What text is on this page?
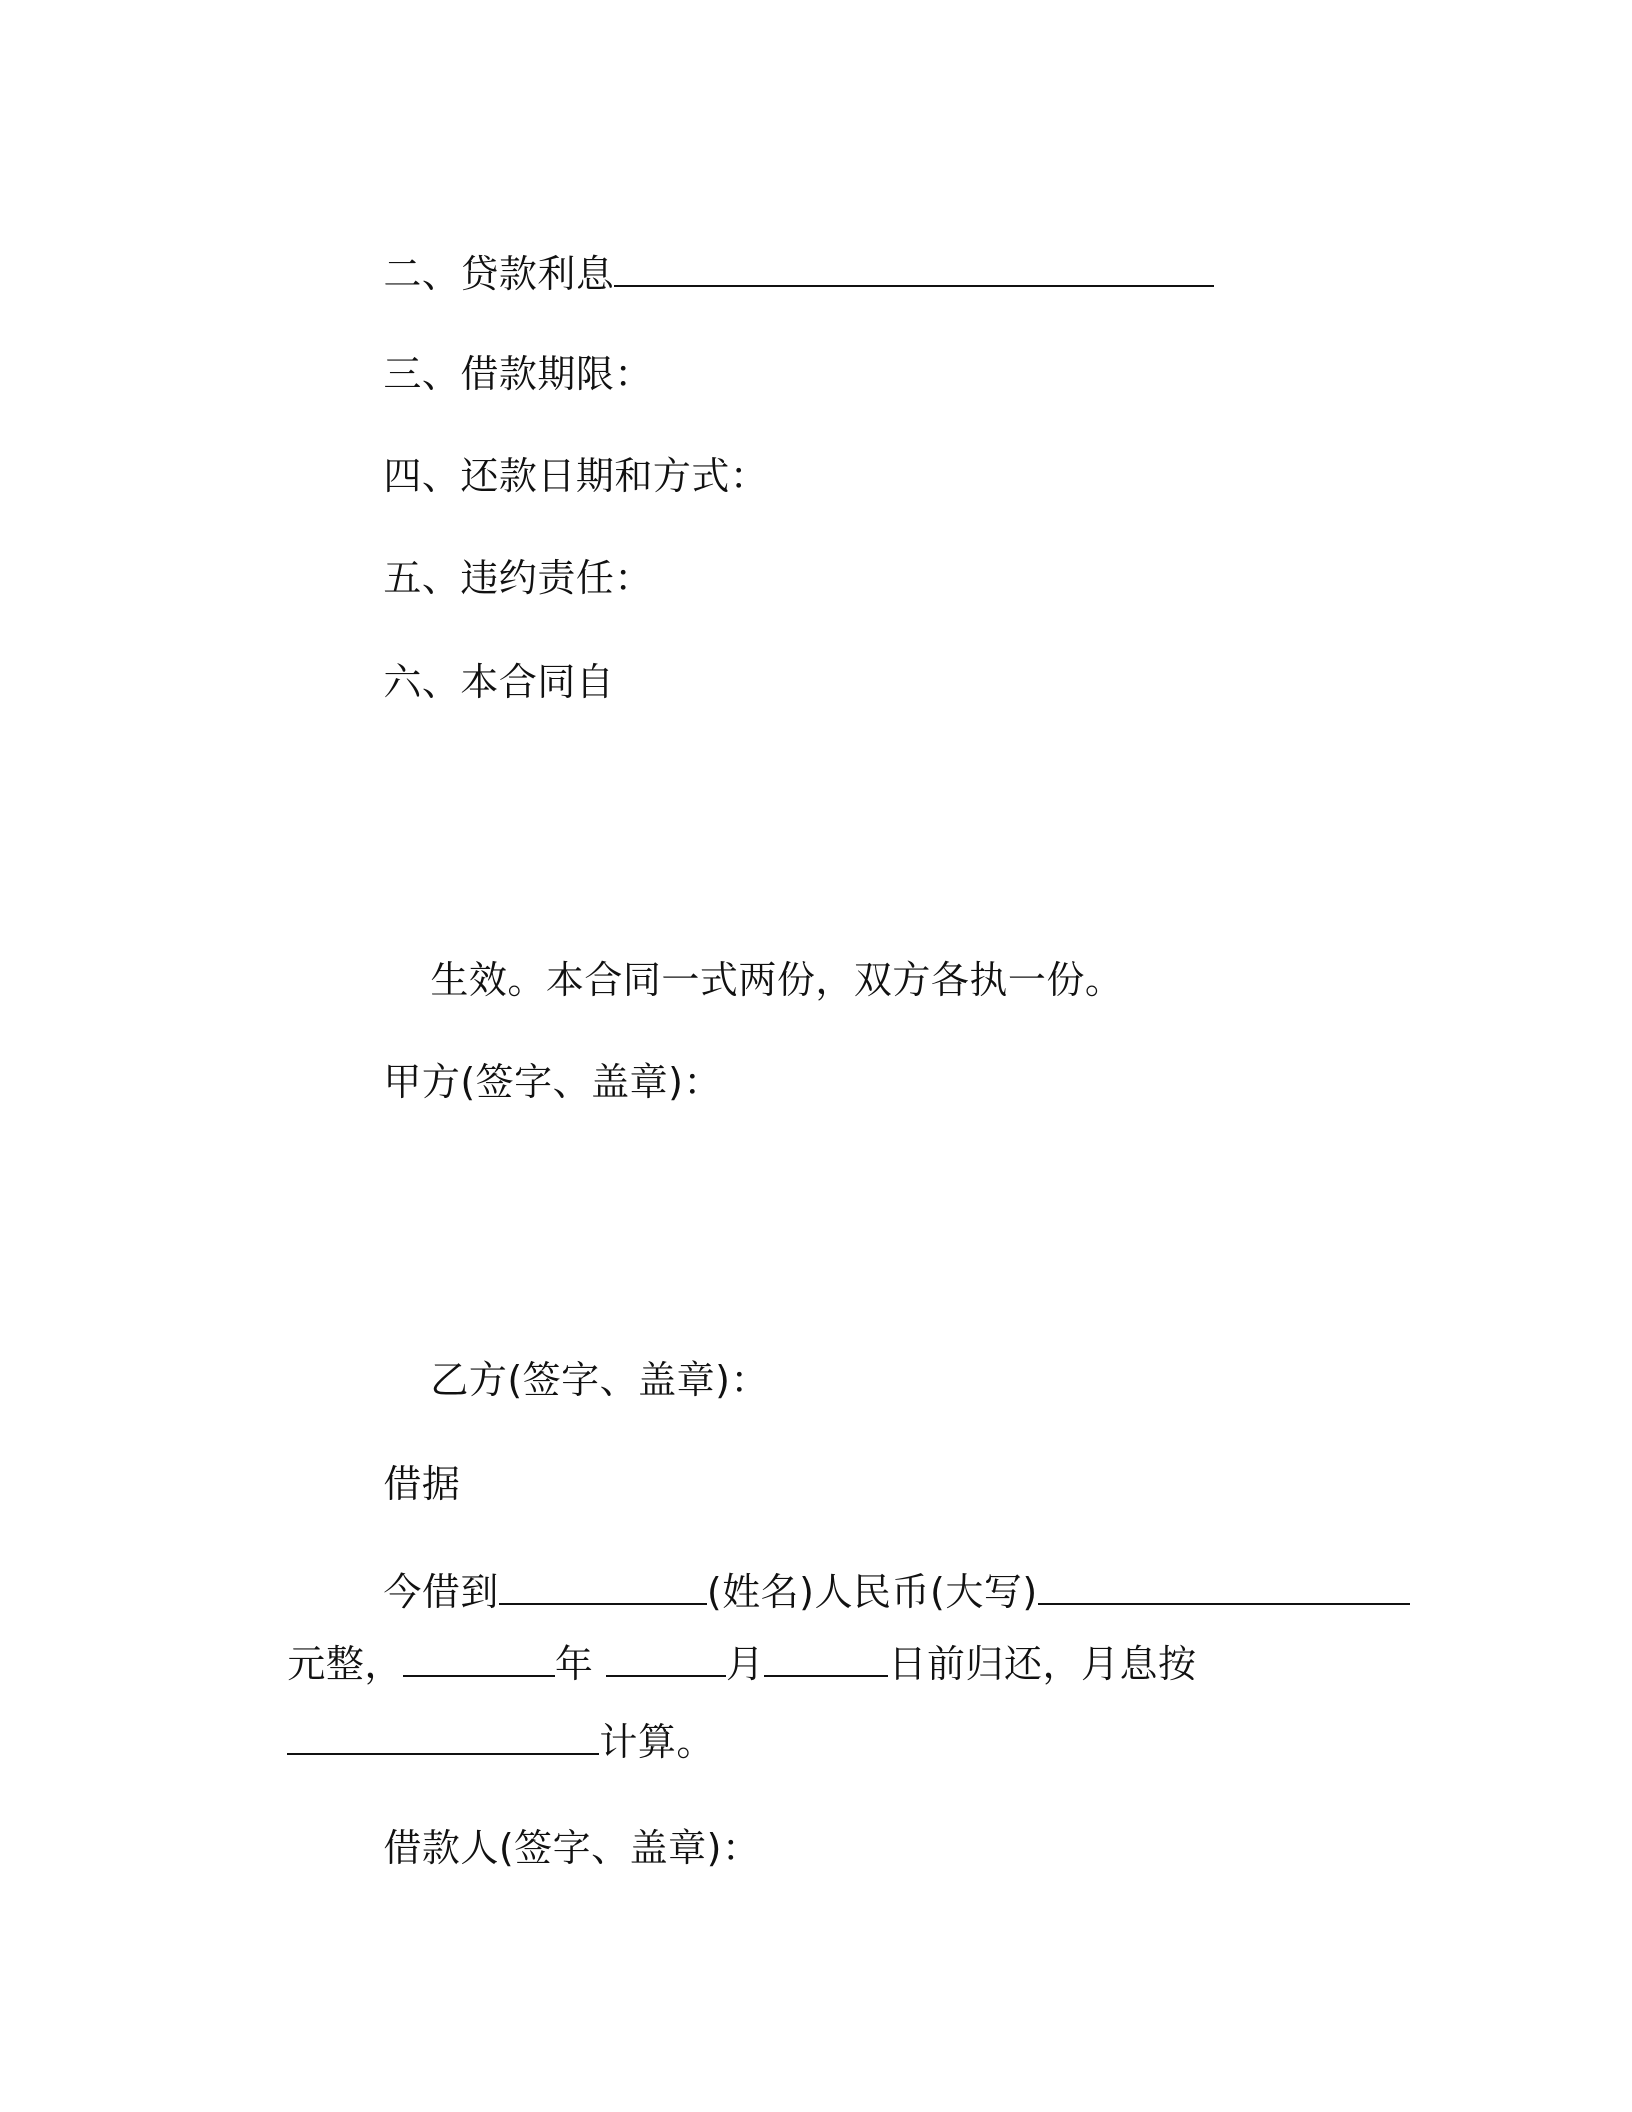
二、贷款利息

三、借款期限：

四、还款日期和方式：

五、违约责任：

六、本合同自

生效。本合同一式两份，双方各执一份。

甲方(签字、盖章)：

乙方(签字、盖章)：

借据

今借到	(姓名)人民币(大写)

元整，	年	月	日前归还，月息按

计算。

借款人(签字、盖章)：
